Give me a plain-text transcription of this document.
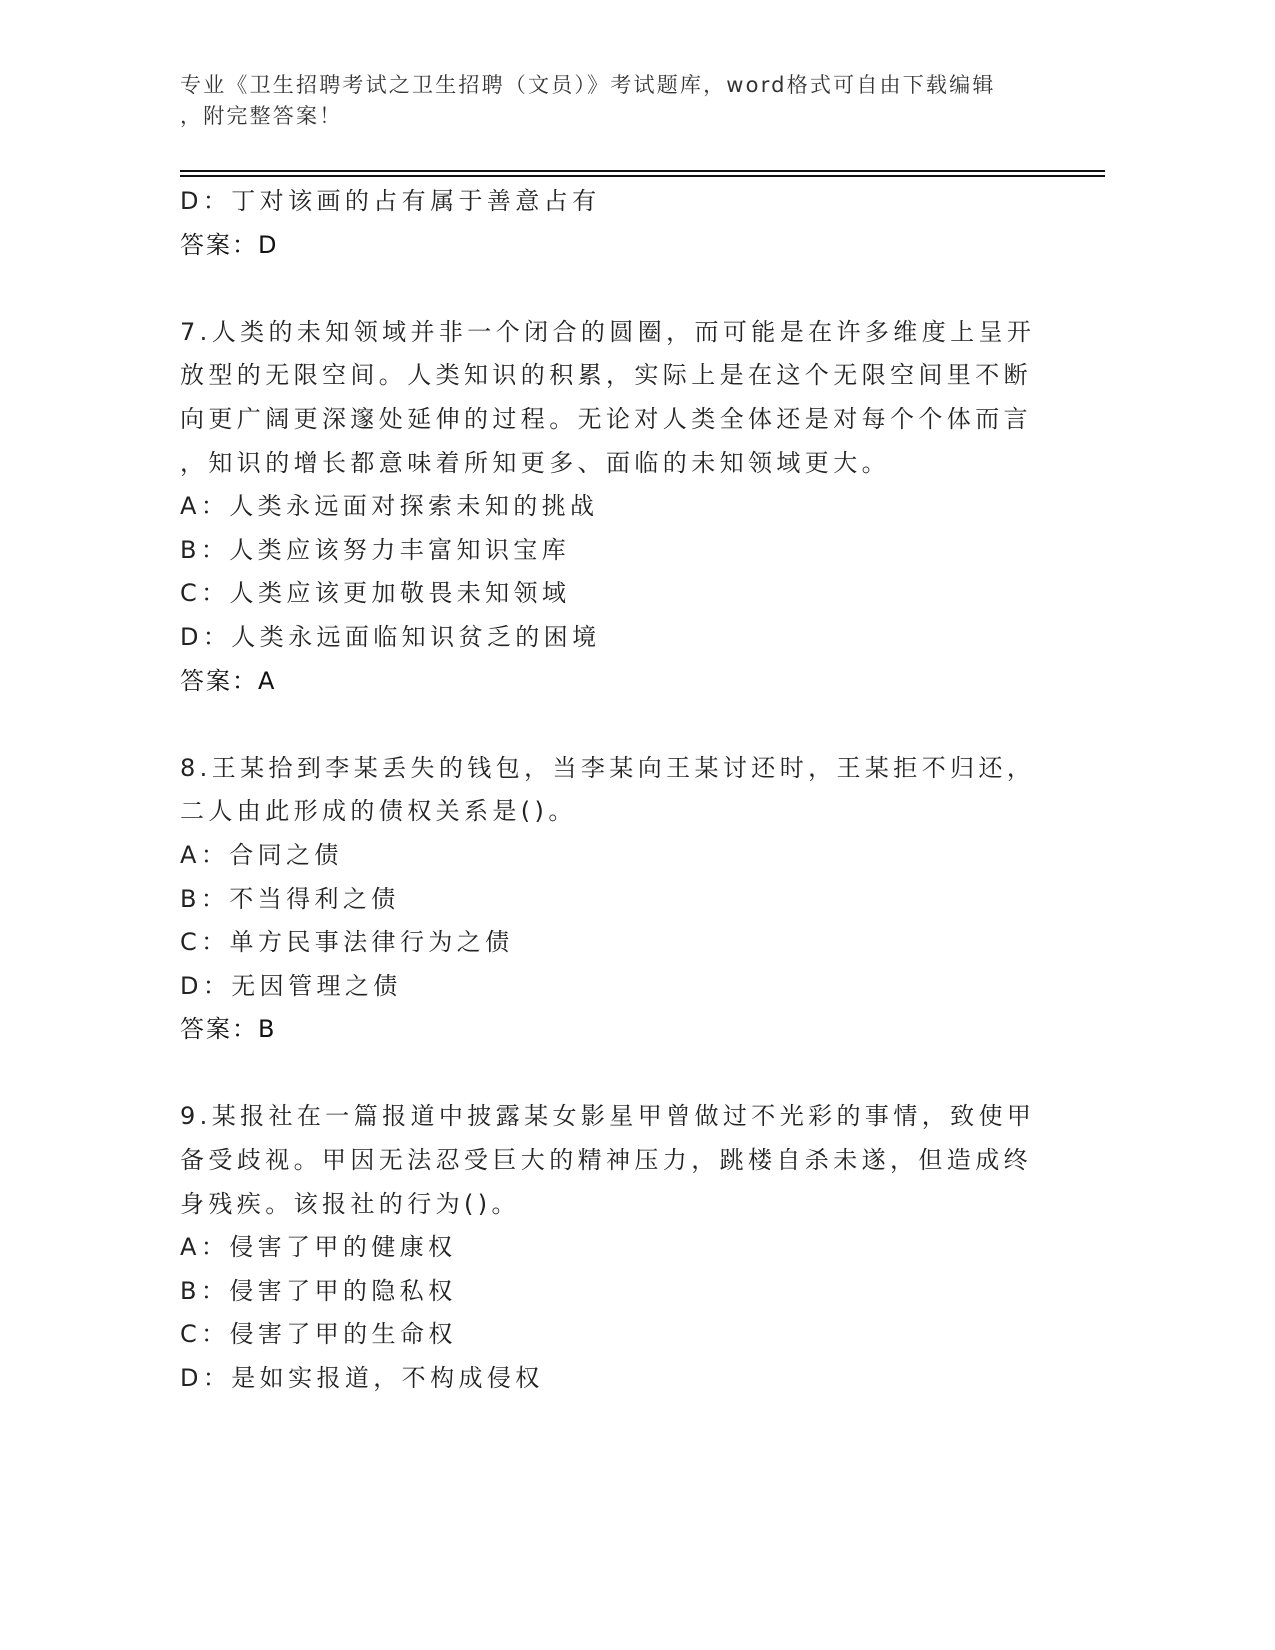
专业《卫生招聘考试之卫生招聘（文员）》考试题库，word格式可自由下载编辑
，附完整答案！
D：丁对该画的占有属于善意占有
答案：D
7.人类的未知领域并非一个闭合的圆圈，而可能是在许多维度上呈开
放型的无限空间。人类知识的积累，实际上是在这个无限空间里不断
向更广阔更深邃处延伸的过程。无论对人类全体还是对每个个体而言
，知识的增长都意味着所知更多、面临的未知领域更大。
A：人类永远面对探索未知的挑战
B：人类应该努力丰富知识宝库
C：人类应该更加敬畏未知领域
D：人类永远面临知识贫乏的困境
答案：A
8.王某拾到李某丢失的钱包，当李某向王某讨还时，王某拒不归还，
二人由此形成的债权关系是()。
A：合同之债
B：不当得利之债
C：单方民事法律行为之债
D：无因管理之债
答案：B
9.某报社在一篇报道中披露某女影星甲曾做过不光彩的事情，致使甲
备受歧视。甲因无法忍受巨大的精神压力，跳楼自杀未遂，但造成终
身残疾。该报社的行为()。
A：侵害了甲的健康权
B：侵害了甲的隐私权
C：侵害了甲的生命权
D：是如实报道，不构成侵权
